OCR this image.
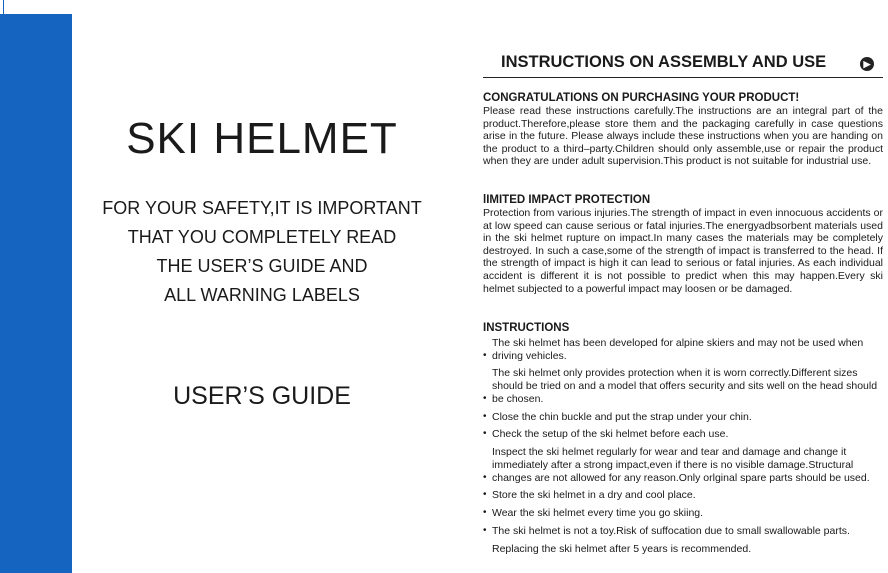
SKI HELMET
FOR YOUR SAFETY,IT IS IMPORTANT
THAT YOU COMPLETELY READ
THE USER’S GUIDE AND
ALL WARNING LABELS
USER’S GUIDE
INSTRUCTIONS ON ASSEMBLY AND USE	▶
CONGRATULATIONS ON PURCHASING YOUR PRODUCT!
Please read these instructions carefully.The instructions are an integral part of the product.Therefore,please store them and the packaging carefully in case questions arise in the future. Please always include these instructions when you are handing on the product to a third–party.Children should only assemble,use or repair the product when they are under adult supervision.This product is not suitable for industrial use.
lIMITED IMPACT PROTECTION
Protection from various injuries.The strength of impact in even innocuous accidents or at low speed can cause serious or fatal injuries.The energyadbsorbent materials used in the ski helmet rupture on impact.In many cases the materials may be completely destroyed. In such a case,some of the strength of impact is transferred to the head. If the strength of impact is high it can lead to serious or fatal injuries. As each individual accident is different it is not possible to predict when this may happen.Every ski helmet subjected to a powerful impact may loosen or be damaged.
INSTRUCTIONS
•
The ski helmet has been developed for alpine skiers and may not be used when driving vehicles.
•
The ski helmet only provides protection when it is worn correctly.Different sizes should be tried on and a model that offers security and sits well on the head should be chosen.
• Close the chin buckle and put the strap under your chin.
• Check the setup of the ski helmet before each use.
•
Inspect the ski helmet regularly for wear and tear and damage and change it immediately after a strong impact,even if there is no visible damage.Structural changes are not allowed for any reason.Only orlginal spare parts should be used.
• Store the ski helmet in a dry and cool place.
• Wear the ski helmet every time you go skiing.
• The ski helmet is not a toy.Risk of suffocation due to small swallowable parts.
Replacing the ski helmet after 5 years is recommended.
